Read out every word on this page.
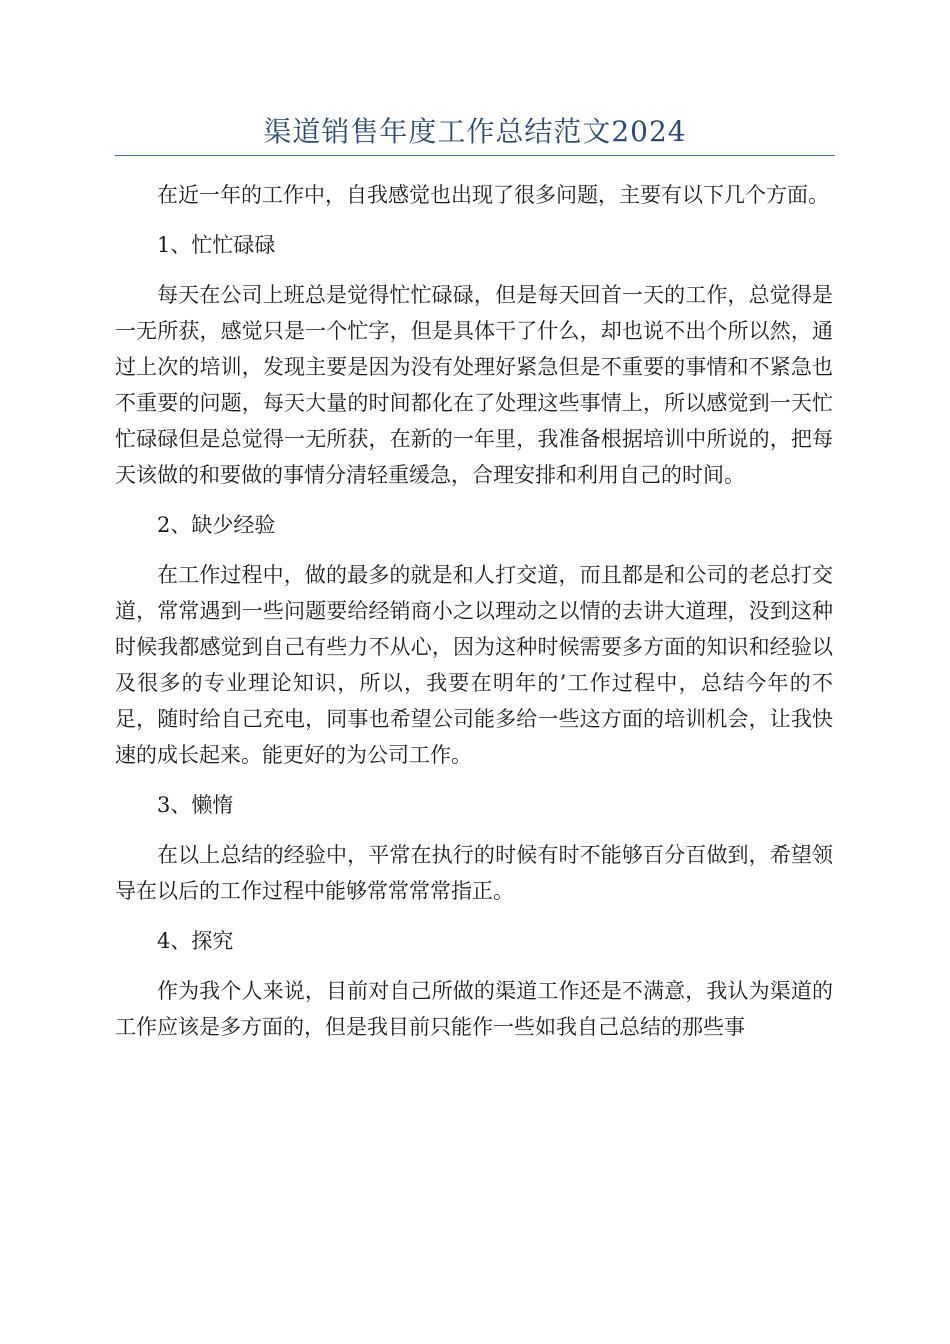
渠道销售年度工作总结范文2024

在近一年的工作中，自我感觉也出现了很多问题，主要有以下几个方面。

1、忙忙碌碌

每天在公司上班总是觉得忙忙碌碌，但是每天回首一天的工作，总觉得是一无所获，感觉只是一个忙字，但是具体干了什么，却也说不出个所以然，通过上次的培训，发现主要是因为没有处理好紧急但是不重要的事情和不紧急也不重要的问题，每天大量的时间都化在了处理这些事情上，所以感觉到一天忙忙碌碌但是总觉得一无所获，在新的一年里，我准备根据培训中所说的，把每天该做的和要做的事情分清轻重缓急，合理安排和利用自己的时间。

2、缺少经验

在工作过程中，做的最多的就是和人打交道，而且都是和公司的老总打交道，常常遇到一些问题要给经销商小之以理动之以情的去讲大道理，没到这种时候我都感觉到自己有些力不从心，因为这种时候需要多方面的知识和经验以及很多的专业理论知识，所以，我要在明年的’工作过程中，总结今年的不足，随时给自己充电，同事也希望公司能多给一些这方面的培训机会，让我快速的成长起来。能更好的为公司工作。

3、懒惰

在以上总结的经验中，平常在执行的时候有时不能够百分百做到，希望领导在以后的工作过程中能够常常常常指正。

4、探究

作为我个人来说，目前对自己所做的渠道工作还是不满意，我认为渠道的工作应该是多方面的，但是我目前只能作一些如我自己总结的那些事
